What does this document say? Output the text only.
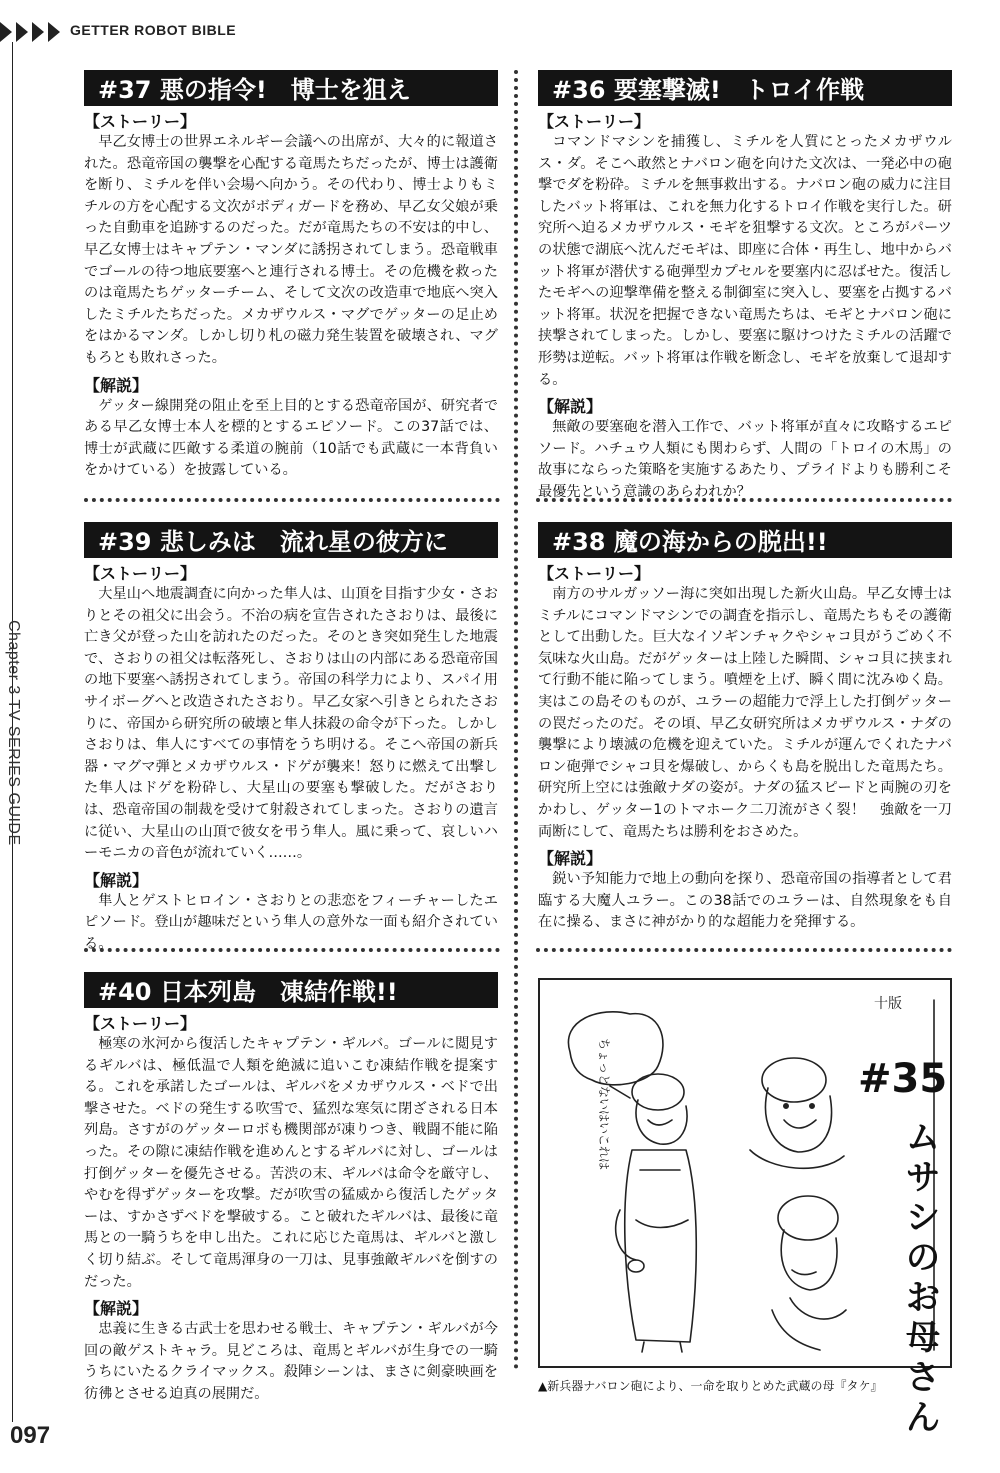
GETTER ROBOT BIBLE
Chapter 3 TV SERIES GUIDE
097
#37 悪の指令!　博士を狙え
【ストーリー】

早乙女博士の世界エネルギー会議への出席が、大々的に報道された。恐竜帝国の襲撃を心配する竜馬たちだったが、博士は護衛を断り、ミチルを伴い会場へ向かう。その代わり、博士よりもミチルの方を心配する文次がボディガードを務め、早乙女父娘が乗った自動車を追跡するのだった。だが竜馬たちの不安は的中し、早乙女博士はキャプテン・マンダに誘拐されてしまう。恐竜戦車でゴールの待つ地底要塞へと連行される博士。その危機を救ったのは竜馬たちゲッターチーム、そして文次の改造車で地底へ突入したミチルたちだった。メカザウルス・マグでゲッターの足止めをはかるマンダ。しかし切り札の磁力発生装置を破壊され、マグもろとも敗れさった。

【解説】

ゲッター線開発の阻止を至上目的とする恐竜帝国が、研究者である早乙女博士本人を標的とするエピソード。この37話では、博士が武蔵に匹敵する柔道の腕前（10話でも武蔵に一本背負いをかけている）を披露している。

#36 要塞撃滅!　トロイ作戦
【ストーリー】

コマンドマシンを捕獲し、ミチルを人質にとったメカザウルス・ダ。そこへ敢然とナバロン砲を向けた文次は、一発必中の砲撃でダを粉砕。ミチルを無事救出する。ナバロン砲の威力に注目したバット将軍は、これを無力化するトロイ作戦を実行した。研究所へ迫るメカザウルス・モギを狙撃する文次。ところがパーツの状態で湖底へ沈んだモギは、即座に合体・再生し、地中からバット将軍が潜伏する砲弾型カプセルを要塞内に忍ばせた。復活したモギへの迎撃準備を整える制御室に突入し、要塞を占拠するバット将軍。状況を把握できない竜馬たちは、モギとナバロン砲に挟撃されてしまった。しかし、要塞に駆けつけたミチルの活躍で形勢は逆転。バット将軍は作戦を断念し、モギを放棄して退却する。

【解説】

無敵の要塞砲を潜入工作で、バット将軍が直々に攻略するエピソード。ハチュウ人類にも関わらず、人間の「トロイの木馬」の故事にならった策略を実施するあたり、プライドよりも勝利こそ最優先という意識のあらわれか？

#39 悲しみは　流れ星の彼方に
【ストーリー】

大星山へ地震調査に向かった隼人は、山頂を目指す少女・さおりとその祖父に出会う。不治の病を宣告されたさおりは、最後に亡き父が登った山を訪れたのだった。そのとき突如発生した地震で、さおりの祖父は転落死し、さおりは山の内部にある恐竜帝国の地下要塞へ誘拐されてしまう。帝国の科学力により、スパイ用サイボーグへと改造されたさおり。早乙女家へ引きとられたさおりに、帝国から研究所の破壊と隼人抹殺の命令が下った。しかしさおりは、隼人にすべての事情をうち明ける。そこへ帝国の新兵器・マグマ弾とメカザウルス・ドゲが襲来！怒りに燃えて出撃した隼人はドゲを粉砕し、大星山の要塞も撃破した。だがさおりは、恐竜帝国の制裁を受けて射殺されてしまった。さおりの遺言に従い、大星山の山頂で彼女を弔う隼人。風に乗って、哀しいハーモニカの音色が流れていく……。

【解説】

隼人とゲストヒロイン・さおりとの悲恋をフィーチャーしたエピソード。登山が趣味だという隼人の意外な一面も紹介されている。

#38 魔の海からの脱出!!
【ストーリー】

南方のサルガッソー海に突如出現した新火山島。早乙女博士はミチルにコマンドマシンでの調査を指示し、竜馬たちもその護衛として出動した。巨大なイソギンチャクやシャコ貝がうごめく不気味な火山島。だがゲッターは上陸した瞬間、シャコ貝に挟まれて行動不能に陥ってしまう。噴煙を上げ、瞬く間に沈みゆく島。実はこの島そのものが、ユラーの超能力で浮上した打倒ゲッターの罠だったのだ。その頃、早乙女研究所はメカザウルス・ナダの襲撃により壊滅の危機を迎えていた。ミチルが運んでくれたナバロン砲弾でシャコ貝を爆破し、からくも島を脱出した竜馬たち。研究所上空には強敵ナダの姿が。ナダの猛スピードと両腕の刃をかわし、ゲッター1のトマホーク二刀流がさく裂！　強敵を一刀両断にして、竜馬たちは勝利をおさめた。

【解説】

鋭い予知能力で地上の動向を探り、恐竜帝国の指導者として君臨する大魔人ユラー。この38話でのユラーは、自然現象をも自在に操る、まさに神がかり的な超能力を発揮する。

#40 日本列島　凍結作戦!!
【ストーリー】

極寒の氷河から復活したキャプテン・ギルバ。ゴールに閲見するギルバは、極低温で人類を絶滅に追いこむ凍結作戦を提案する。これを承諾したゴールは、ギルバをメカザウルス・ベドで出撃させた。ベドの発生する吹雪で、猛烈な寒気に閉ざされる日本列島。さすがのゲッターロボも機関部が凍りつき、戦闘不能に陥った。その隙に凍結作戦を進めんとするギルバに対し、ゴールは打倒ゲッターを優先させる。苦渋の末、ギルバは命令を厳守し、やむを得ずゲッターを攻撃。だが吹雪の猛威から復活したゲッターは、すかさずベドを撃破する。こと破れたギルバは、最後に竜馬との一騎うちを申し出た。これに応じた竜馬は、ギルバと激しく切り結ぶ。そして竜馬渾身の一刀は、見事強敵ギルバを倒すのだった。

【解説】

忠義に生きる古武士を思わせる戦士、キャプテン・ギルバが今回の敵ゲストキャラ。見どころは、竜馬とギルバが生身での一騎うちにいたるクライマックス。殺陣シーンは、まさに剣豪映画を彷彿とさせる迫真の展開だ。

ちょっとないはいこれは
十版
#35
ムサシのお母さん
▲新兵器ナバロン砲により、一命を取りとめた武蔵の母『タケ』
